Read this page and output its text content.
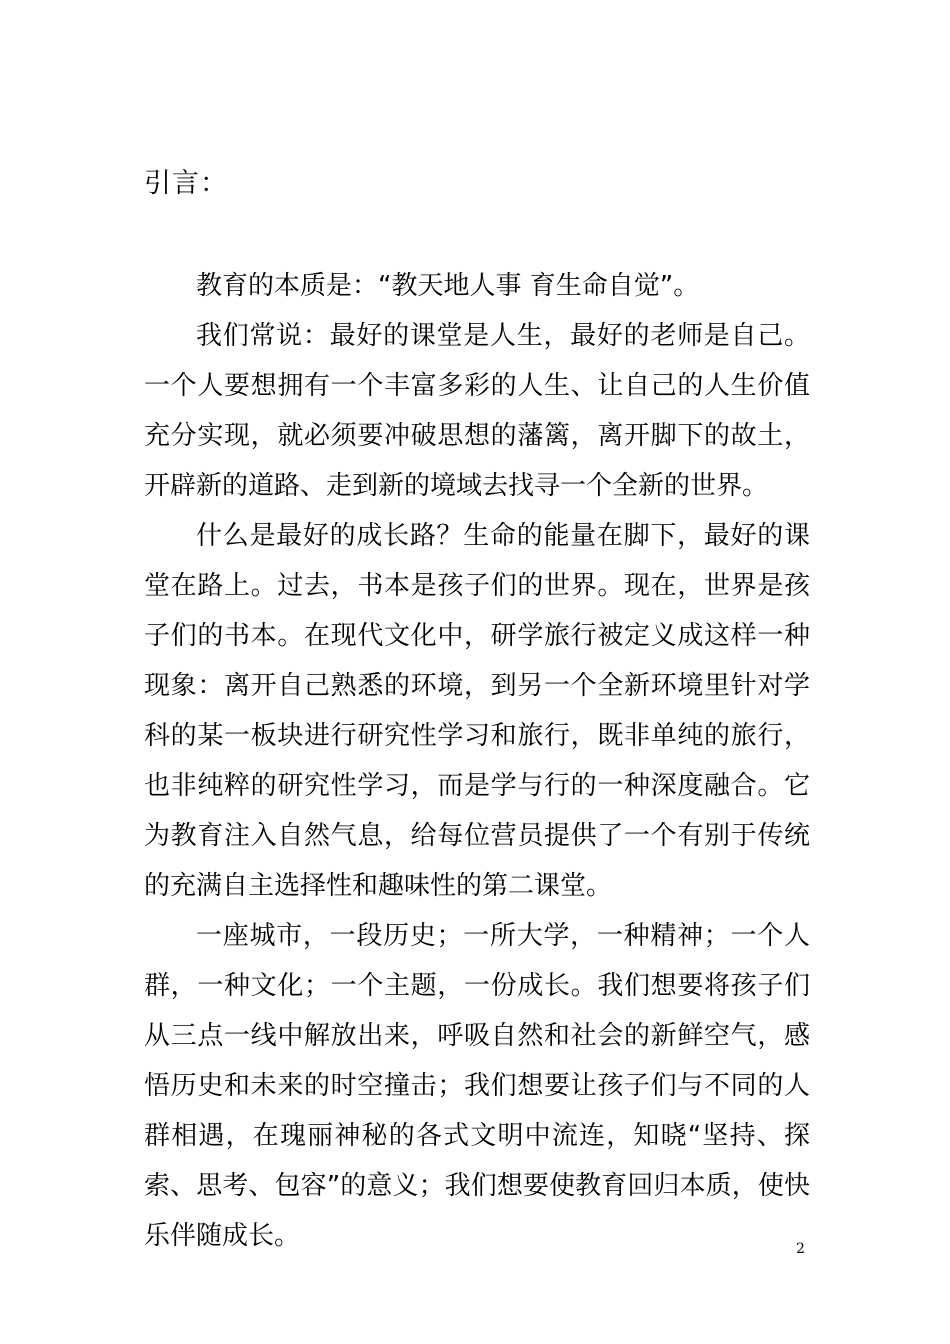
引言：

教育的本质是：“教天地人事 育生命自觉”。

我们常说：最好的课堂是人生，最好的老师是自己。一个人要想拥有一个丰富多彩的人生、让自己的人生价值充分实现，就必须要冲破思想的藩篱，离开脚下的故土，开辟新的道路、走到新的境域去找寻一个全新的世界。

什么是最好的成长路？生命的能量在脚下，最好的课堂在路上。过去，书本是孩子们的世界。现在，世界是孩子们的书本。在现代文化中，研学旅行被定义成这样一种现象：离开自己熟悉的环境，到另一个全新环境里针对学科的某一板块进行研究性学习和旅行，既非单纯的旅行，也非纯粹的研究性学习，而是学与行的一种深度融合。它为教育注入自然气息，给每位营员提供了一个有别于传统的充满自主选择性和趣味性的第二课堂。

一座城市，一段历史；一所大学，一种精神；一个人群，一种文化；一个主题，一份成长。我们想要将孩子们从三点一线中解放出来，呼吸自然和社会的新鲜空气，感悟历史和未来的时空撞击；我们想要让孩子们与不同的人群相遇，在瑰丽神秘的各式文明中流连，知晓“坚持、探索、思考、包容”的意义；我们想要使教育回归本质，使快乐伴随成长。	2
